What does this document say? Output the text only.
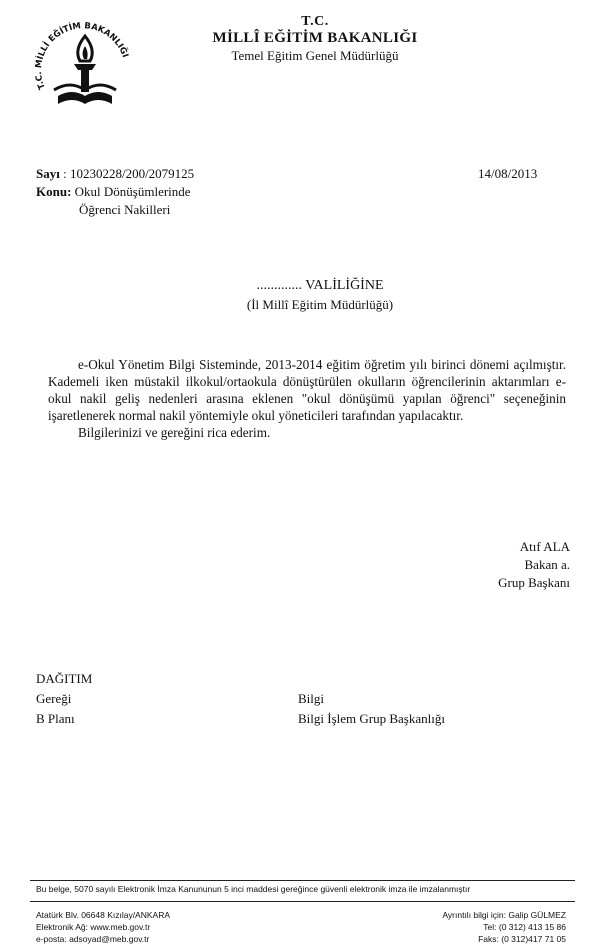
T.C. MİLLİ EĞİTİM BAKANLIĞI
T.C.
MİLLÎ EĞİTİM BAKANLIĞI
Temel Eğitim Genel Müdürlüğü
Sayı : 10230228/200/2079125	14/08/2013
Konu: Okul Dönüşümlerinde
Öğrenci Nakilleri
............. VALİLİĞİNE
(İl Millî Eğitim Müdürlüğü)

e-Okul Yönetim Bilgi Sisteminde, 2013-2014 eğitim öğretim yılı birinci dönemi açılmıştır. Kademeli iken müstakil ilkokul/ortaokula dönüştürülen okulların öğrencilerinin aktarımları e-okul nakil geliş nedenleri arasına eklenen "okul dönüşümü yapılan öğrenci" seçeneğinin işaretlenerek normal nakil yöntemiyle okul yöneticileri tarafından yapılacaktır.

Bilgilerinizi ve gereğini rica ederim.

Atıf ALA
Bakan a.
Grup Başkanı
DAĞITIM
Gereği
B Planı
Bilgi
Bilgi İşlem Grup Başkanlığı
Bu belge, 5070 sayılı Elektronik İmza Kanununun 5 inci maddesi gereğince güvenli elektronik imza ile imzalanmıştır
Atatürk Blv. 06648 Kızılay/ANKARA
Elektronik Ağ: www.meb.gov.tr
e-posta: adsoyad@meb.gov.tr
Ayrıntılı bilgi için: Galip GÜLMEZ
Tel: (0 312) 413 15 86
Faks: (0 312)417 71 05
